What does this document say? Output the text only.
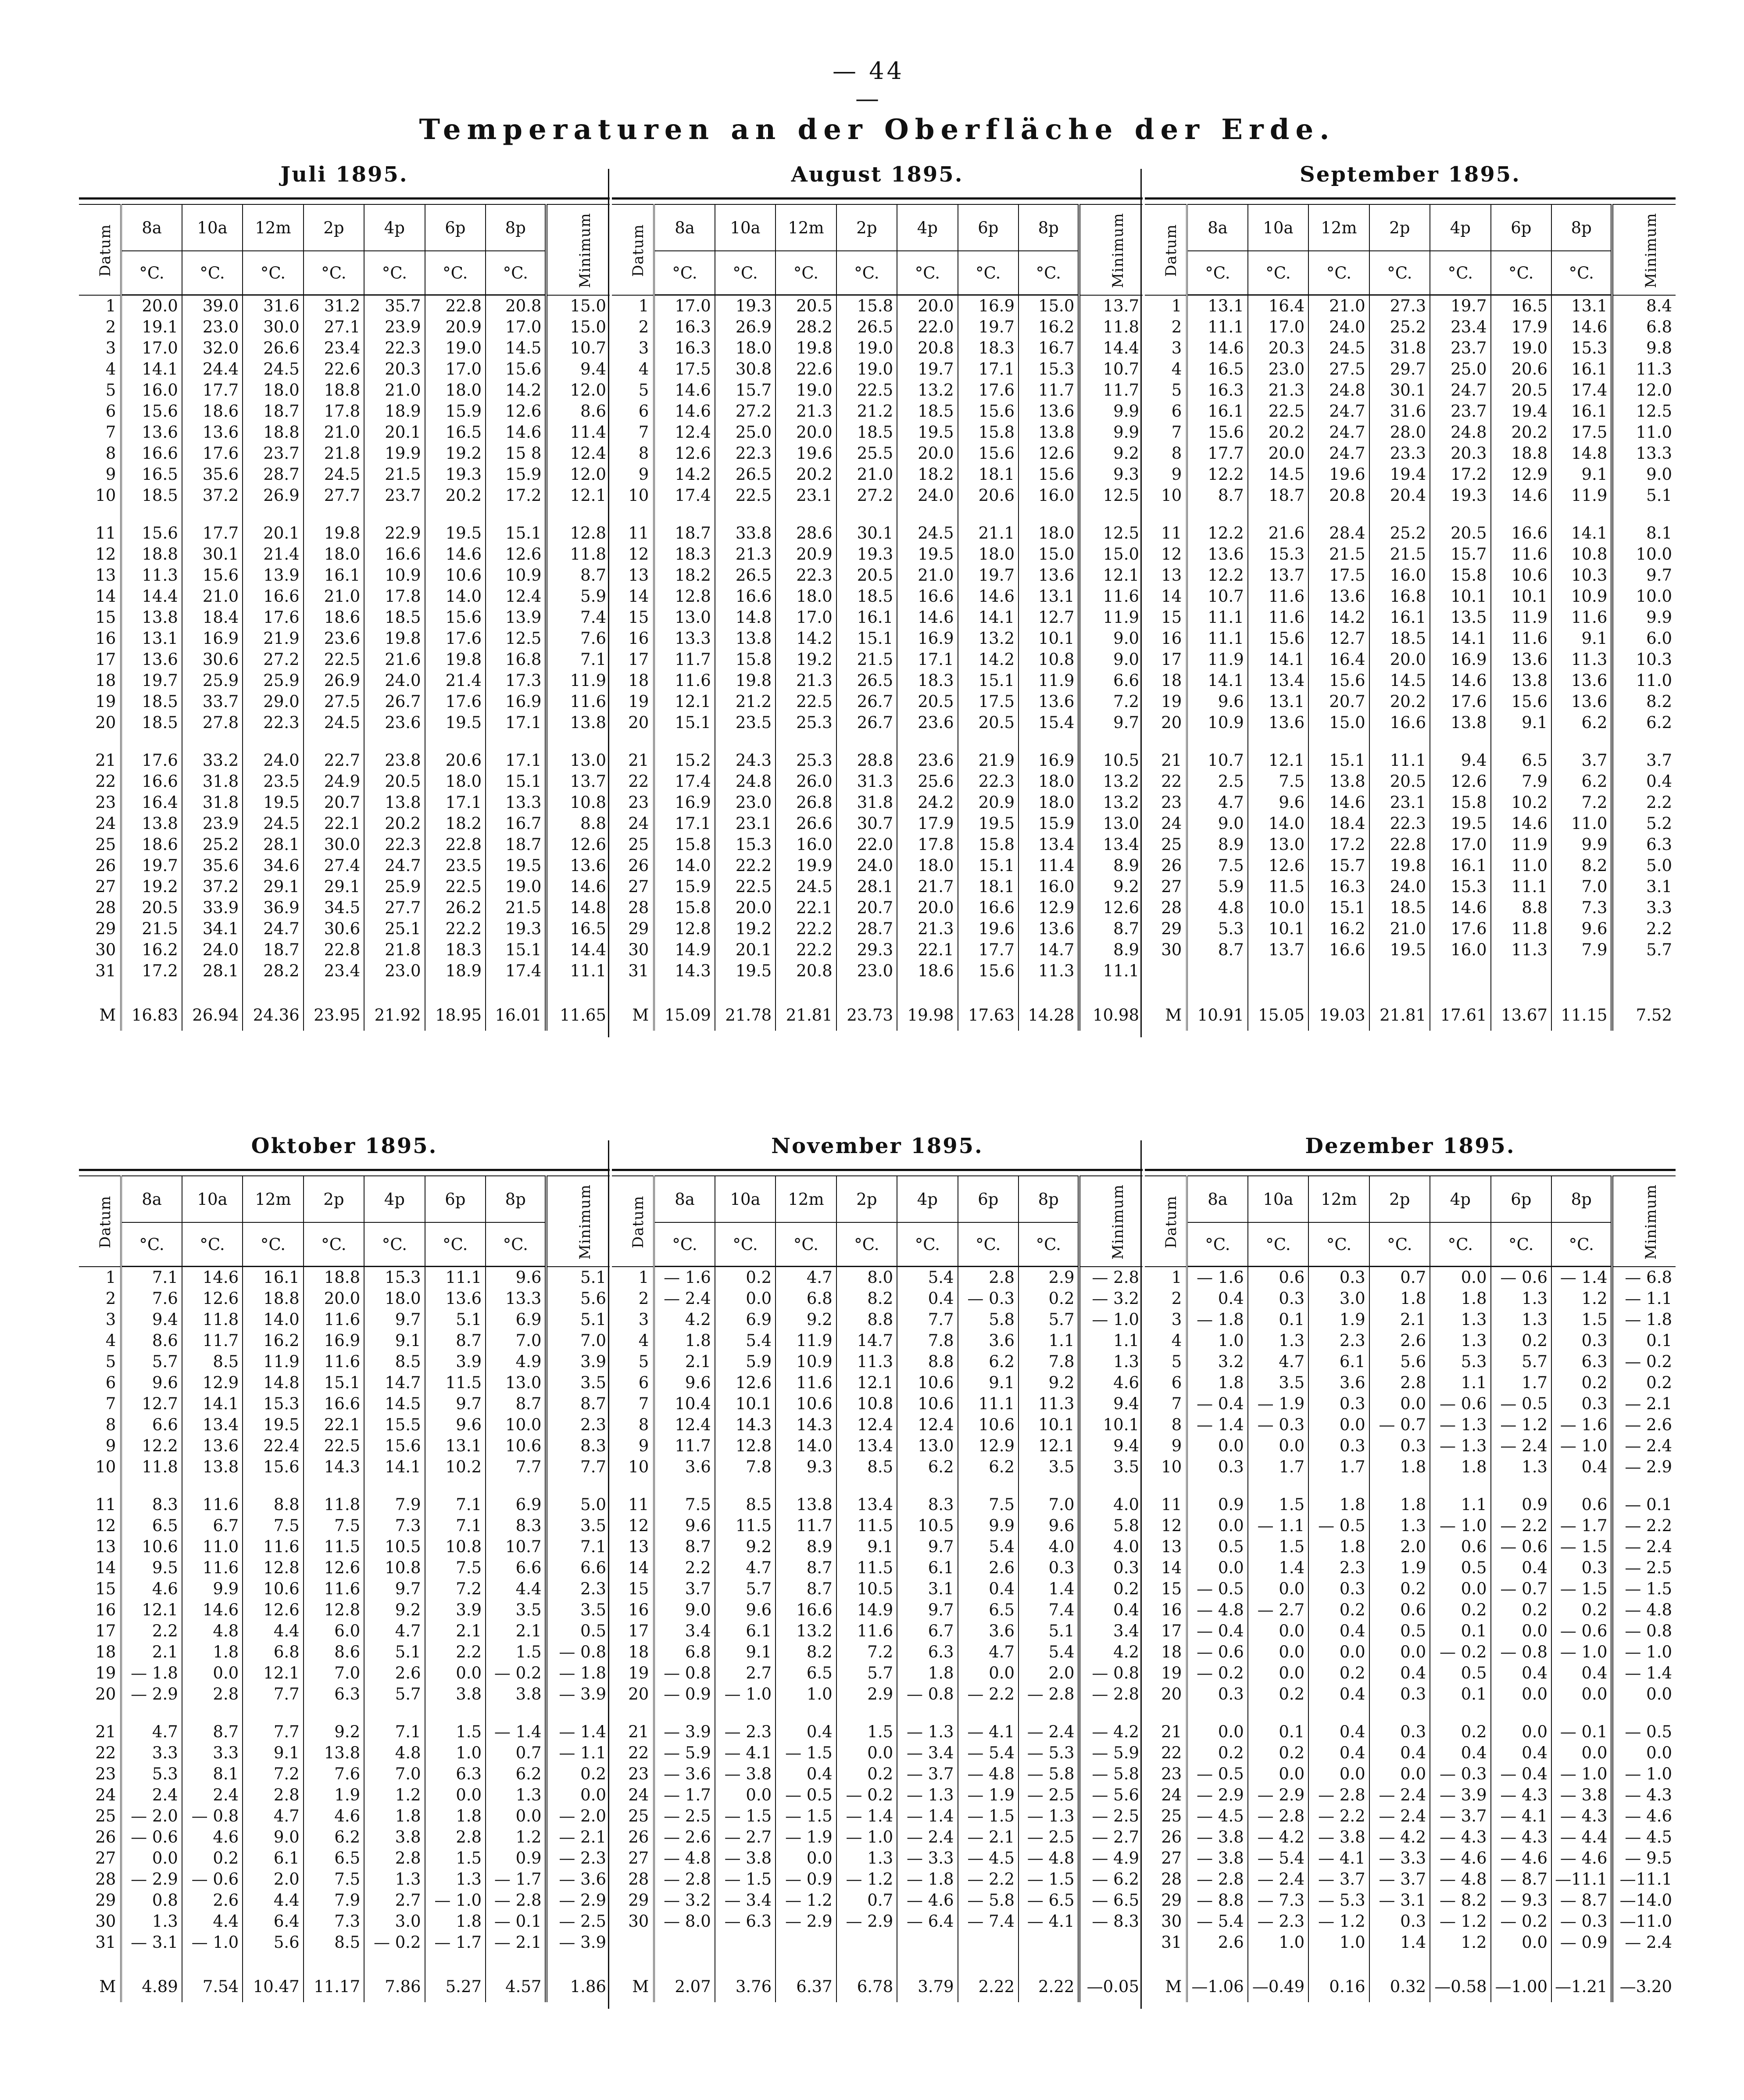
— 44 —
Temperaturen an der Oberfläche der Erde.
Juli 1895.

Datum	8a	10a	12m	2p	4p	6p	8p	Minimum
	°C.	°C.	°C.	°C.	°C.	°C.	°C.	
1	20.0	39.0	31.6	31.2	35.7	22.8	20.8	15.0
2	19.1	23.0	30.0	27.1	23.9	20.9	17.0	15.0
3	17.0	32.0	26.6	23.4	22.3	19.0	14.5	10.7
4	14.1	24.4	24.5	22.6	20.3	17.0	15.6	9.4
5	16.0	17.7	18.0	18.8	21.0	18.0	14.2	12.0
6	15.6	18.6	18.7	17.8	18.9	15.9	12.6	8.6
7	13.6	13.6	18.8	21.0	20.1	16.5	14.6	11.4
8	16.6	17.6	23.7	21.8	19.9	19.2	15 8	12.4
9	16.5	35.6	28.7	24.5	21.5	19.3	15.9	12.0
10	18.5	37.2	26.9	27.7	23.7	20.2	17.2	12.1
11	15.6	17.7	20.1	19.8	22.9	19.5	15.1	12.8
12	18.8	30.1	21.4	18.0	16.6	14.6	12.6	11.8
13	11.3	15.6	13.9	16.1	10.9	10.6	10.9	8.7
14	14.4	21.0	16.6	21.0	17.8	14.0	12.4	5.9
15	13.8	18.4	17.6	18.6	18.5	15.6	13.9	7.4
16	13.1	16.9	21.9	23.6	19.8	17.6	12.5	7.6
17	13.6	30.6	27.2	22.5	21.6	19.8	16.8	7.1
18	19.7	25.9	25.9	26.9	24.0	21.4	17.3	11.9
19	18.5	33.7	29.0	27.5	26.7	17.6	16.9	11.6
20	18.5	27.8	22.3	24.5	23.6	19.5	17.1	13.8
21	17.6	33.2	24.0	22.7	23.8	20.6	17.1	13.0
22	16.6	31.8	23.5	24.9	20.5	18.0	15.1	13.7
23	16.4	31.8	19.5	20.7	13.8	17.1	13.3	10.8
24	13.8	23.9	24.5	22.1	20.2	18.2	16.7	8.8
25	18.6	25.2	28.1	30.0	22.3	22.8	18.7	12.6
26	19.7	35.6	34.6	27.4	24.7	23.5	19.5	13.6
27	19.2	37.2	29.1	29.1	25.9	22.5	19.0	14.6
28	20.5	33.9	36.9	34.5	27.7	26.2	21.5	14.8
29	21.5	34.1	24.7	30.6	25.1	22.2	19.3	16.5
30	16.2	24.0	18.7	22.8	21.8	18.3	15.1	14.4
31	17.2	28.1	28.2	23.4	23.0	18.9	17.4	11.1
M	16.83	26.94	24.36	23.95	21.92	18.95	16.01	11.65
August 1895.

Datum	8a	10a	12m	2p	4p	6p	8p	Minimum
	°C.	°C.	°C.	°C.	°C.	°C.	°C.	
1	17.0	19.3	20.5	15.8	20.0	16.9	15.0	13.7
2	16.3	26.9	28.2	26.5	22.0	19.7	16.2	11.8
3	16.3	18.0	19.8	19.0	20.8	18.3	16.7	14.4
4	17.5	30.8	22.6	19.0	19.7	17.1	15.3	10.7
5	14.6	15.7	19.0	22.5	13.2	17.6	11.7	11.7
6	14.6	27.2	21.3	21.2	18.5	15.6	13.6	9.9
7	12.4	25.0	20.0	18.5	19.5	15.8	13.8	9.9
8	12.6	22.3	19.6	25.5	20.0	15.6	12.6	9.2
9	14.2	26.5	20.2	21.0	18.2	18.1	15.6	9.3
10	17.4	22.5	23.1	27.2	24.0	20.6	16.0	12.5
11	18.7	33.8	28.6	30.1	24.5	21.1	18.0	12.5
12	18.3	21.3	20.9	19.3	19.5	18.0	15.0	15.0
13	18.2	26.5	22.3	20.5	21.0	19.7	13.6	12.1
14	12.8	16.6	18.0	18.5	16.6	14.6	13.1	11.6
15	13.0	14.8	17.0	16.1	14.6	14.1	12.7	11.9
16	13.3	13.8	14.2	15.1	16.9	13.2	10.1	9.0
17	11.7	15.8	19.2	21.5	17.1	14.2	10.8	9.0
18	11.6	19.8	21.3	26.5	18.3	15.1	11.9	6.6
19	12.1	21.2	22.5	26.7	20.5	17.5	13.6	7.2
20	15.1	23.5	25.3	26.7	23.6	20.5	15.4	9.7
21	15.2	24.3	25.3	28.8	23.6	21.9	16.9	10.5
22	17.4	24.8	26.0	31.3	25.6	22.3	18.0	13.2
23	16.9	23.0	26.8	31.8	24.2	20.9	18.0	13.2
24	17.1	23.1	26.6	30.7	17.9	19.5	15.9	13.0
25	15.8	15.3	16.0	22.0	17.8	15.8	13.4	13.4
26	14.0	22.2	19.9	24.0	18.0	15.1	11.4	8.9
27	15.9	22.5	24.5	28.1	21.7	18.1	16.0	9.2
28	15.8	20.0	22.1	20.7	20.0	16.6	12.9	12.6
29	12.8	19.2	22.2	28.7	21.3	19.6	13.6	8.7
30	14.9	20.1	22.2	29.3	22.1	17.7	14.7	8.9
31	14.3	19.5	20.8	23.0	18.6	15.6	11.3	11.1
M	15.09	21.78	21.81	23.73	19.98	17.63	14.28	10.98
September 1895.

Datum	8a	10a	12m	2p	4p	6p	8p	Minimum
	°C.	°C.	°C.	°C.	°C.	°C.	°C.	
1	13.1	16.4	21.0	27.3	19.7	16.5	13.1	8.4
2	11.1	17.0	24.0	25.2	23.4	17.9	14.6	6.8
3	14.6	20.3	24.5	31.8	23.7	19.0	15.3	9.8
4	16.5	23.0	27.5	29.7	25.0	20.6	16.1	11.3
5	16.3	21.3	24.8	30.1	24.7	20.5	17.4	12.0
6	16.1	22.5	24.7	31.6	23.7	19.4	16.1	12.5
7	15.6	20.2	24.7	28.0	24.8	20.2	17.5	11.0
8	17.7	20.0	24.7	23.3	20.3	18.8	14.8	13.3
9	12.2	14.5	19.6	19.4	17.2	12.9	9.1	9.0
10	8.7	18.7	20.8	20.4	19.3	14.6	11.9	5.1
11	12.2	21.6	28.4	25.2	20.5	16.6	14.1	8.1
12	13.6	15.3	21.5	21.5	15.7	11.6	10.8	10.0
13	12.2	13.7	17.5	16.0	15.8	10.6	10.3	9.7
14	10.7	11.6	13.6	16.8	10.1	10.1	10.9	10.0
15	11.1	11.6	14.2	16.1	13.5	11.9	11.6	9.9
16	11.1	15.6	12.7	18.5	14.1	11.6	9.1	6.0
17	11.9	14.1	16.4	20.0	16.9	13.6	11.3	10.3
18	14.1	13.4	15.6	14.5	14.6	13.8	13.6	11.0
19	9.6	13.1	20.7	20.2	17.6	15.6	13.6	8.2
20	10.9	13.6	15.0	16.6	13.8	9.1	6.2	6.2
21	10.7	12.1	15.1	11.1	9.4	6.5	3.7	3.7
22	2.5	7.5	13.8	20.5	12.6	7.9	6.2	0.4
23	4.7	9.6	14.6	23.1	15.8	10.2	7.2	2.2
24	9.0	14.0	18.4	22.3	19.5	14.6	11.0	5.2
25	8.9	13.0	17.2	22.8	17.0	11.9	9.9	6.3
26	7.5	12.6	15.7	19.8	16.1	11.0	8.2	5.0
27	5.9	11.5	16.3	24.0	15.3	11.1	7.0	3.1
28	4.8	10.0	15.1	18.5	14.6	8.8	7.3	3.3
29	5.3	10.1	16.2	21.0	17.6	11.8	9.6	2.2
30	8.7	13.7	16.6	19.5	16.0	11.3	7.9	5.7

M	10.91	15.05	19.03	21.81	17.61	13.67	11.15	7.52
Oktober 1895.

Datum	8a	10a	12m	2p	4p	6p	8p	Minimum
	°C.	°C.	°C.	°C.	°C.	°C.	°C.	
1	7.1	14.6	16.1	18.8	15.3	11.1	9.6	5.1
2	7.6	12.6	18.8	20.0	18.0	13.6	13.3	5.6
3	9.4	11.8	14.0	11.6	9.7	5.1	6.9	5.1
4	8.6	11.7	16.2	16.9	9.1	8.7	7.0	7.0
5	5.7	8.5	11.9	11.6	8.5	3.9	4.9	3.9
6	9.6	12.9	14.8	15.1	14.7	11.5	13.0	3.5
7	12.7	14.1	15.3	16.6	14.5	9.7	8.7	8.7
8	6.6	13.4	19.5	22.1	15.5	9.6	10.0	2.3
9	12.2	13.6	22.4	22.5	15.6	13.1	10.6	8.3
10	11.8	13.8	15.6	14.3	14.1	10.2	7.7	7.7
11	8.3	11.6	8.8	11.8	7.9	7.1	6.9	5.0
12	6.5	6.7	7.5	7.5	7.3	7.1	8.3	3.5
13	10.6	11.0	11.6	11.5	10.5	10.8	10.7	7.1
14	9.5	11.6	12.8	12.6	10.8	7.5	6.6	6.6
15	4.6	9.9	10.6	11.6	9.7	7.2	4.4	2.3
16	12.1	14.6	12.6	12.8	9.2	3.9	3.5	3.5
17	2.2	4.8	4.4	6.0	4.7	2.1	2.1	0.5
18	2.1	1.8	6.8	8.6	5.1	2.2	1.5	— 0.8
19	— 1.8	0.0	12.1	7.0	2.6	0.0	— 0.2	— 1.8
20	— 2.9	2.8	7.7	6.3	5.7	3.8	3.8	— 3.9
21	4.7	8.7	7.7	9.2	7.1	1.5	— 1.4	— 1.4
22	3.3	3.3	9.1	13.8	4.8	1.0	0.7	— 1.1
23	5.3	8.1	7.2	7.6	7.0	6.3	6.2	0.2
24	2.4	2.4	2.8	1.9	1.2	0.0	1.3	0.0
25	— 2.0	— 0.8	4.7	4.6	1.8	1.8	0.0	— 2.0
26	— 0.6	4.6	9.0	6.2	3.8	2.8	1.2	— 2.1
27	0.0	0.2	6.1	6.5	2.8	1.5	0.9	— 2.3
28	— 2.9	— 0.6	2.0	7.5	1.3	1.3	— 1.7	— 3.6
29	0.8	2.6	4.4	7.9	2.7	— 1.0	— 2.8	— 2.9
30	1.3	4.4	6.4	7.3	3.0	1.8	— 0.1	— 2.5
31	— 3.1	— 1.0	5.6	8.5	— 0.2	— 1.7	— 2.1	— 3.9
M	4.89	7.54	10.47	11.17	7.86	5.27	4.57	1.86
November 1895.

Datum	8a	10a	12m	2p	4p	6p	8p	Minimum
	°C.	°C.	°C.	°C.	°C.	°C.	°C.	
1	— 1.6	0.2	4.7	8.0	5.4	2.8	2.9	— 2.8
2	— 2.4	0.0	6.8	8.2	0.4	— 0.3	0.2	— 3.2
3	4.2	6.9	9.2	8.8	7.7	5.8	5.7	— 1.0
4	1.8	5.4	11.9	14.7	7.8	3.6	1.1	1.1
5	2.1	5.9	10.9	11.3	8.8	6.2	7.8	1.3
6	9.6	12.6	11.6	12.1	10.6	9.1	9.2	4.6
7	10.4	10.1	10.6	10.8	10.6	11.1	11.3	9.4
8	12.4	14.3	14.3	12.4	12.4	10.6	10.1	10.1
9	11.7	12.8	14.0	13.4	13.0	12.9	12.1	9.4
10	3.6	7.8	9.3	8.5	6.2	6.2	3.5	3.5
11	7.5	8.5	13.8	13.4	8.3	7.5	7.0	4.0
12	9.6	11.5	11.7	11.5	10.5	9.9	9.6	5.8
13	8.7	9.2	8.9	9.1	9.7	5.4	4.0	4.0
14	2.2	4.7	8.7	11.5	6.1	2.6	0.3	0.3
15	3.7	5.7	8.7	10.5	3.1	0.4	1.4	0.2
16	9.0	9.6	16.6	14.9	9.7	6.5	7.4	0.4
17	3.4	6.1	13.2	11.6	6.7	3.6	5.1	3.4
18	6.8	9.1	8.2	7.2	6.3	4.7	5.4	4.2
19	— 0.8	2.7	6.5	5.7	1.8	0.0	2.0	— 0.8
20	— 0.9	— 1.0	1.0	2.9	— 0.8	— 2.2	— 2.8	— 2.8
21	— 3.9	— 2.3	0.4	1.5	— 1.3	— 4.1	— 2.4	— 4.2
22	— 5.9	— 4.1	— 1.5	0.0	— 3.4	— 5.4	— 5.3	— 5.9
23	— 3.6	— 3.8	0.4	0.2	— 3.7	— 4.8	— 5.8	— 5.8
24	— 1.7	0.0	— 0.5	— 0.2	— 1.3	— 1.9	— 2.5	— 5.6
25	— 2.5	— 1.5	— 1.5	— 1.4	— 1.4	— 1.5	— 1.3	— 2.5
26	— 2.6	— 2.7	— 1.9	— 1.0	— 2.4	— 2.1	— 2.5	— 2.7
27	— 4.8	— 3.8	0.0	1.3	— 3.3	— 4.5	— 4.8	— 4.9
28	— 2.8	— 1.5	— 0.9	— 1.2	— 1.8	— 2.2	— 1.5	— 6.2
29	— 3.2	— 3.4	— 1.2	0.7	— 4.6	— 5.8	— 6.5	— 6.5
30	— 8.0	— 6.3	— 2.9	— 2.9	— 6.4	— 7.4	— 4.1	— 8.3

M	2.07	3.76	6.37	6.78	3.79	2.22	2.22	—0.05
Dezember 1895.

Datum	8a	10a	12m	2p	4p	6p	8p	Minimum
	°C.	°C.	°C.	°C.	°C.	°C.	°C.	
1	— 1.6	0.6	0.3	0.7	0.0	— 0.6	— 1.4	— 6.8
2	0.4	0.3	3.0	1.8	1.8	1.3	1.2	— 1.1
3	— 1.8	0.1	1.9	2.1	1.3	1.3	1.5	— 1.8
4	1.0	1.3	2.3	2.6	1.3	0.2	0.3	0.1
5	3.2	4.7	6.1	5.6	5.3	5.7	6.3	— 0.2
6	1.8	3.5	3.6	2.8	1.1	1.7	0.2	0.2
7	— 0.4	— 1.9	0.3	0.0	— 0.6	— 0.5	0.3	— 2.1
8	— 1.4	— 0.3	0.0	— 0.7	— 1.3	— 1.2	— 1.6	— 2.6
9	0.0	0.0	0.3	0.3	— 1.3	— 2.4	— 1.0	— 2.4
10	0.3	1.7	1.7	1.8	1.8	1.3	0.4	— 2.9
11	0.9	1.5	1.8	1.8	1.1	0.9	0.6	— 0.1
12	0.0	— 1.1	— 0.5	1.3	— 1.0	— 2.2	— 1.7	— 2.2
13	0.5	1.5	1.8	2.0	0.6	— 0.6	— 1.5	— 2.4
14	0.0	1.4	2.3	1.9	0.5	0.4	0.3	— 2.5
15	— 0.5	0.0	0.3	0.2	0.0	— 0.7	— 1.5	— 1.5
16	— 4.8	— 2.7	0.2	0.6	0.2	0.2	0.2	— 4.8
17	— 0.4	0.0	0.4	0.5	0.1	0.0	— 0.6	— 0.8
18	— 0.6	0.0	0.0	0.0	— 0.2	— 0.8	— 1.0	— 1.0
19	— 0.2	0.0	0.2	0.4	0.5	0.4	0.4	— 1.4
20	0.3	0.2	0.4	0.3	0.1	0.0	0.0	0.0
21	0.0	0.1	0.4	0.3	0.2	0.0	— 0.1	— 0.5
22	0.2	0.2	0.4	0.4	0.4	0.4	0.0	0.0
23	— 0.5	0.0	0.0	0.0	— 0.3	— 0.4	— 1.0	— 1.0
24	— 2.9	— 2.9	— 2.8	— 2.4	— 3.9	— 4.3	— 3.8	— 4.3
25	— 4.5	— 2.8	— 2.2	— 2.4	— 3.7	— 4.1	— 4.3	— 4.6
26	— 3.8	— 4.2	— 3.8	— 4.2	— 4.3	— 4.3	— 4.4	— 4.5
27	— 3.8	— 5.4	— 4.1	— 3.3	— 4.6	— 4.6	— 4.6	— 9.5
28	— 2.8	— 2.4	— 3.7	— 3.7	— 4.8	— 8.7	—11.1	—11.1
29	— 8.8	— 7.3	— 5.3	— 3.1	— 8.2	— 9.3	— 8.7	—14.0
30	— 5.4	— 2.3	— 1.2	0.3	— 1.2	— 0.2	— 0.3	—11.0
31	2.6	1.0	1.0	1.4	1.2	0.0	— 0.9	— 2.4
M	—1.06	—0.49	0.16	0.32	—0.58	—1.00	—1.21	—3.20
